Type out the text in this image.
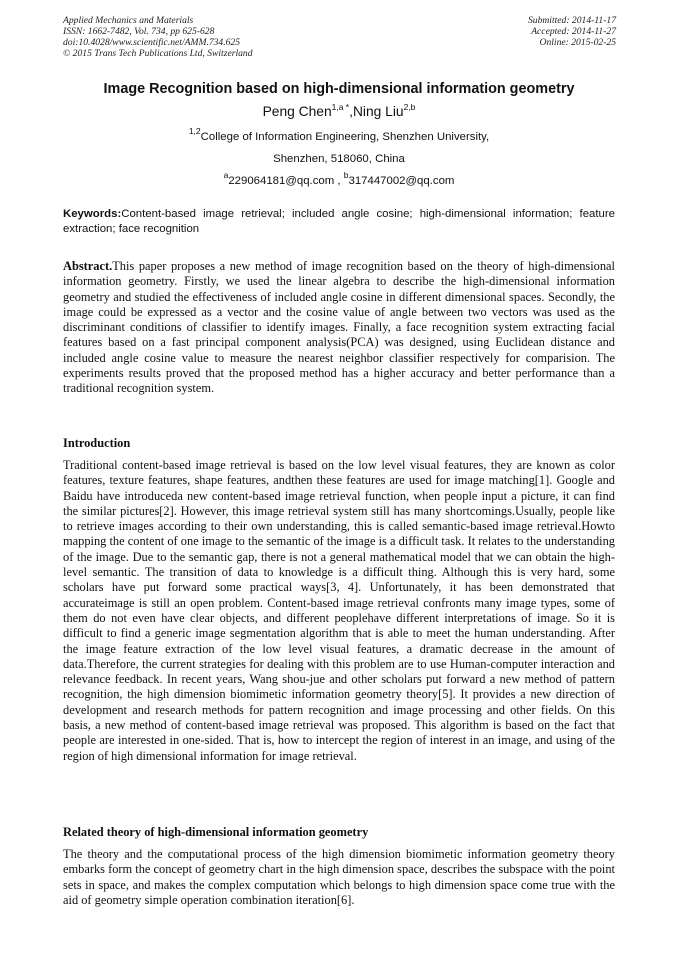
Applied Mechanics and Materials
ISSN: 1662-7482, Vol. 734, pp 625-628
doi:10.4028/www.scientific.net/AMM.734.625
© 2015 Trans Tech Publications Ltd, Switzerland
Submitted: 2014-11-17
Accepted: 2014-11-27
Online: 2015-02-25
Image Recognition based on high-dimensional information geometry
Peng Chen$^{1,a *}$,Ning Liu$^{2,b}$
$^{1,2}$College of Information Engineering, Shenzhen University,
Shenzhen, 518060, China
$^a$229064181@qq.com , $^b$317447002@qq.com
Keywords:Content-based image retrieval; included angle cosine; high-dimensional information; feature extraction; face recognition
Abstract.This paper proposes a new method of image recognition based on the theory of high-dimensional information geometry. Firstly, we used the linear algebra to describe the high-dimensional information geometry and studied the effectiveness of included angle cosine in different dimensional spaces. Secondly, the image could be expressed as a vector and the cosine value of angle between two vectors was used as the discriminant conditions of classifier to identify images. Finally, a face recognition system extracting facial features based on a fast principal component analysis(PCA) was designed, using Euclidean distance and included angle cosine value to measure the nearest neighbor classifier respectively for comparision. The experiments results proved that the proposed method has a higher accuracy and better performance than a traditional recognition system.
Introduction
Traditional content-based image retrieval is based on the low level visual features, they are known as color features, texture features, shape features, andthen these features are used for image matching[1]. Google and Baidu have introduceda new content-based image retrieval function, when people input a picture, it can find the similar pictures[2]. However, this image retrieval system still has many shortcomings.Usually, people like to retrieve images according to their own understanding, this is called semantic-based image retrieval.Howto mapping the content of one image to the semantic of the image is a difficult task. It relates to the understanding of the image. Due to the semantic gap, there is not a general mathematical model that we can obtain the high-level semantic. The transition of data to knowledge is a difficult thing. Although this is very hard, some scholars have put forward some practical ways[3, 4]. Unfortunately, it has been demonstrated that accurateimage is still an open problem. Content-based image retrieval confronts many image types, some of them do not even have clear objects, and different peoplehave different interpretations of image. So it is difficult to find a generic image segmentation algorithm that is able to meet the human understanding. After the image feature extraction of the low level visual features, a dramatic decrease in the amount of data.Therefore, the current strategies for dealing with this problem are to use Human-computer interaction and relevance feedback. In recent years, Wang shou-jue and other scholars put forward a new method of pattern recognition, the high dimension biomimetic information geometry theory[5]. It provides a new direction of development and research methods for pattern recognition and image processing and other fields. On this basis, a new method of content-based image retrieval was proposed. This algorithm is based on the fact that people are interested in one-sided. That is, how to intercept the region of interest in an image, and using of the region of high dimensional information for image retrieval.
Related theory of high-dimensional information geometry
The theory and the computational process of the high dimension biomimetic information geometry theory embarks form the concept of geometry chart in the high dimension space, describes the subspace with the point sets in space, and makes the complex computation which belongs to high dimension space come true with the aid of geometry simple operation combination iteration[6].
